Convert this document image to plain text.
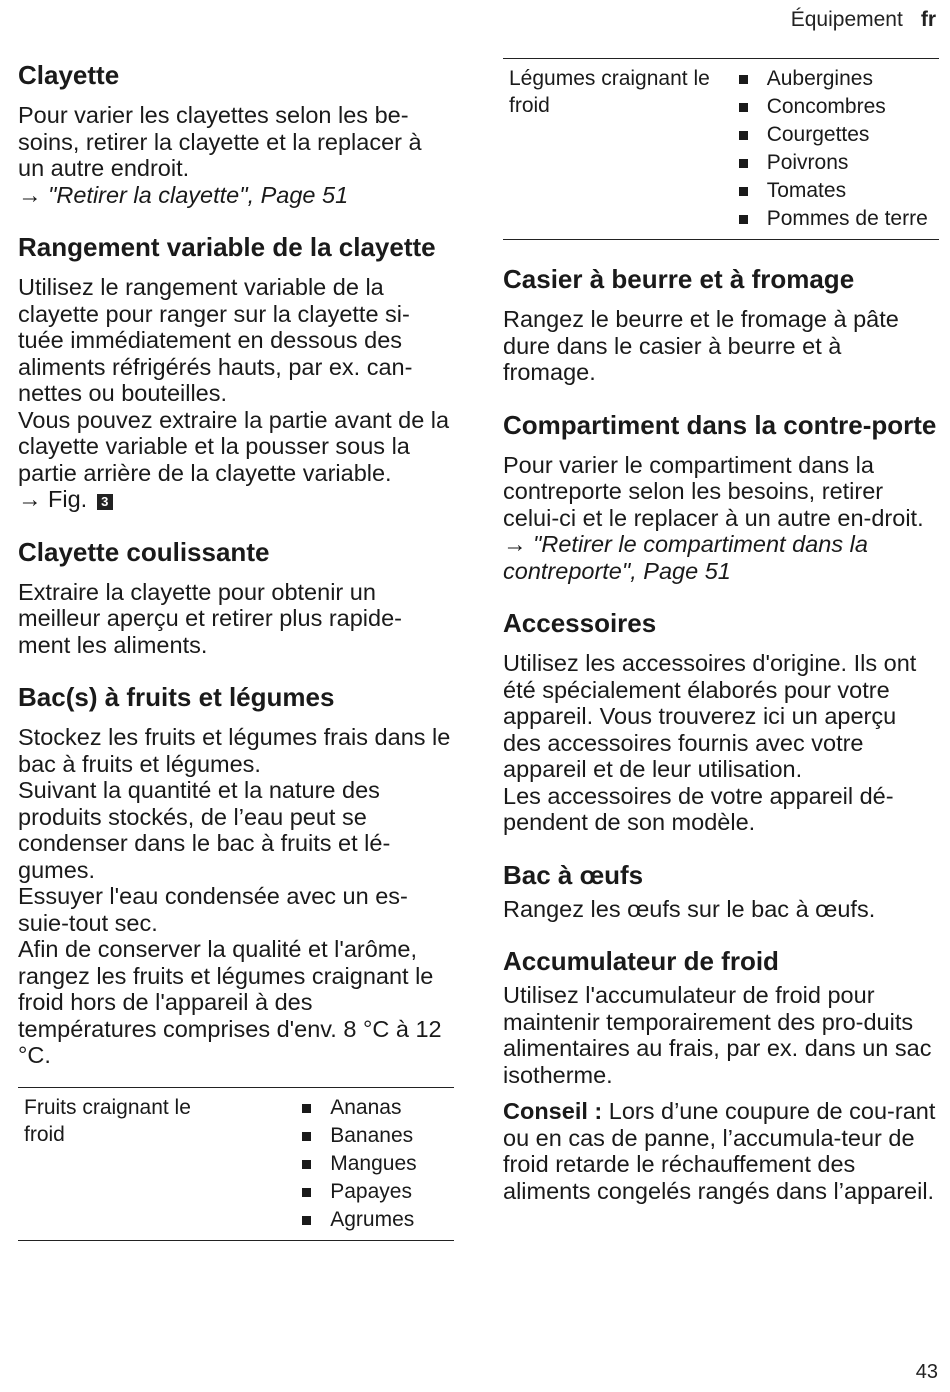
Équipement fr
Clayette

Pour varier les clayettes selon les be-soins, retirer la clayette et la replacer à un autre endroit.

→ "Retirer la clayette", Page 51

Rangement variable de la clayette

Utilisez le rangement variable de la clayette pour ranger sur la clayette si-tuée immédiatement en dessous des aliments réfrigérés hauts, par ex. can-nettes ou bouteilles.

Vous pouvez extraire la partie avant de la clayette variable et la pousser sous la partie arrière de la clayette variable.

→ Fig. 3

Clayette coulissante

Extraire la clayette pour obtenir un meilleur aperçu et retirer plus rapide-ment les aliments.

Bac(s) à fruits et légumes

Stockez les fruits et légumes frais dans le bac à fruits et légumes.

Suivant la quantité et la nature des produits stockés, de l’eau peut se condenser dans le bac à fruits et lé-gumes.

Essuyer l'eau condensée avec un es-suie-tout sec.

Afin de conserver la qualité et l'arôme, rangez les fruits et légumes craignant le froid hors de l'appareil à des températures comprises d'env. 8 °C à 12 °C.

Fruits craignant le froid

Ananas
Bananes
Mangues
Papayes
Agrumes
Légumes craignant le froid

Aubergines
Concombres
Courgettes
Poivrons
Tomates
Pommes de terre
Casier à beurre et à fromage

Rangez le beurre et le fromage à pâte dure dans le casier à beurre et à fromage.

Compartiment dans la contre-porte

Pour varier le compartiment dans la contreporte selon les besoins, retirer celui-ci et le replacer à un autre en-droit.

→ "Retirer le compartiment dans la contreporte", Page 51

Accessoires

Utilisez les accessoires d'origine. Ils ont été spécialement élaborés pour votre appareil. Vous trouverez ici un aperçu des accessoires fournis avec votre appareil et de leur utilisation.

Les accessoires de votre appareil dé-pendent de son modèle.

Bac à œufs

Rangez les œufs sur le bac à œufs.

Accumulateur de froid

Utilisez l'accumulateur de froid pour maintenir temporairement des pro-duits alimentaires au frais, par ex. dans un sac isotherme.

Conseil : Lors d’une coupure de cou-rant ou en cas de panne, l’accumula-teur de froid retarde le réchauffement des aliments congelés rangés dans l’appareil.

43
